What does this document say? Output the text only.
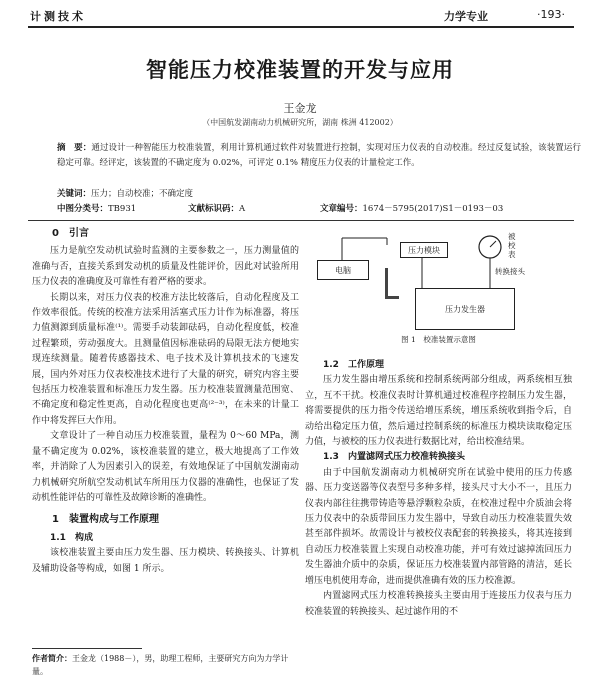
计测技术	力学专业	·193·
智能压力校准装置的开发与应用
王金龙
（中国航发湖南动力机械研究所，湖南 株洲 412002）
摘　要：通过设计一种智能压力校准装置，利用计算机通过软件对装置进行控制，实现对压力仪表的自动校准。经过反复试验，该装置运行稳定可靠。经评定，该装置的不确定度为 0.02%，可评定 0.1% 精度压力仪表的计量检定工作。
关键词：压力；自动校准；不确定度
中图分类号：TB931	文献标识码：A	文章编号：1674－5795(2017)S1－0193－03

0　引言

压力是航空发动机试验时监测的主要参数之一，压力测量值的准确与否，直接关系到发动机的质量及性能评价，因此对试验所用压力仪表的准确度及可靠性有着严格的要求。

长期以来，对压力仪表的校准方法比较落后，自动化程度及工作效率很低。传统的校准方法采用活塞式压力计作为标准器，将压力值测源到质量标准⁽¹⁾。需要手动装卸砝码，自动化程度低，校准过程繁琐，劳动强度大。且测量值因标准砝码的局限无法方便地实现连续测量。随着传感器技术、电子技术及计算机技术的飞速发展，国内外对压力仪表校准技术进行了大量的研究，研究内容主要包括压力校准装置和标准压力发生器。压力校准装置测量范围宽、不确定度和稳定性更高，自动化程度也更高⁽²⁻³⁾，在未来的计量工作中将发挥巨大作用。

文章设计了一种自动压力校准装置，量程为 0～60 MPa，测量不确定度为 0.02%，该校准装置的建立，极大地提高了工作效率，并消除了人为因素引入的误差，有效地保证了中国航发湖南动力机械研究所航空发动机试车所用压力仪器的准确性，也保证了发动机性能评估的可靠性及故障诊断的准确性。

1　装置构成与工作原理

1.1　构成

该校准装置主要由压力发生器、压力模块、转换接头、计算机及辅助设备等构成，如图 1 所示。

作者简介：王金龙（1988－），男，助理工程师，主要研究方向为力学计量。
电脑
压力模块
压力发生器
被校表
转换接头
图 1　校准装置示意图

1.2　工作原理

压力发生器由增压系统和控制系统两部分组成，两系统相互独立，互不干扰。校准仪表时计算机通过校准程序控制压力发生器，将需要提供的压力指令传送给增压系统，增压系统收到指令后，自动给出稳定压力值，然后通过控制系统的标准压力模块读取稳定压力值，与被校的压力仪表进行数据比对，给出校准结果。

1.3　内置滤网式压力校准转换接头

由于中国航发湖南动力机械研究所在试验中使用的压力传感器、压力变送器等仪表型号多种多样，接头尺寸大小不一，且压力仪表内部往往携带铸造等悬浮颗粒杂质，在校准过程中介质油会将压力仪表中的杂质带回压力发生器中，导致自动压力校准装置失效甚至部件损坏。故需设计与被校仪表配套的转换接头，将其连接到自动压力校准装置上实现自动校准功能，并可有效过滤掉流回压力发生器油介质中的杂质，保证压力校准装置内部管路的清洁，延长增压电机使用寿命，进而提供准确有效的压力校准源。

内置滤网式压力校准转换接头主要由用于连接压力仪表与压力校准装置的转换接头、起过滤作用的不
